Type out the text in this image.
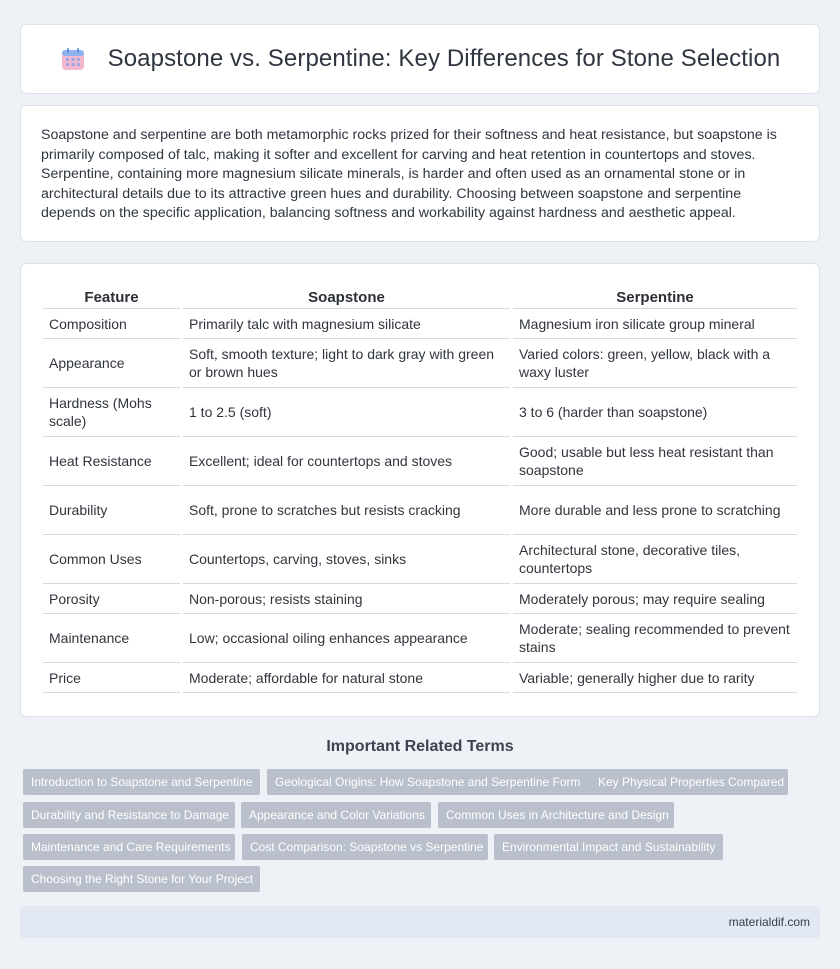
Soapstone vs. Serpentine: Key Differences for Stone Selection

Soapstone and serpentine are both metamorphic rocks prized for their softness and heat resistance, but soapstone is primarily composed of talc, making it softer and excellent for carving and heat retention in countertops and stoves. Serpentine, containing more magnesium silicate minerals, is harder and often used as an ornamental stone or in architectural details due to its attractive green hues and durability. Choosing between soapstone and serpentine depends on the specific application, balancing softness and workability against hardness and aesthetic appeal.

Feature	Soapstone	Serpentine
Composition	Primarily talc with magnesium silicate	Magnesium iron silicate group mineral
Appearance	Soft, smooth texture; light to dark gray with green or brown hues	Varied colors: green, yellow, black with a waxy luster
Hardness (Mohs scale)	1 to 2.5 (soft)	3 to 6 (harder than soapstone)
Heat Resistance	Excellent; ideal for countertops and stoves	Good; usable but less heat resistant than soapstone
Durability	Soft, prone to scratches but resists cracking	More durable and less prone to scratching
Common Uses	Countertops, carving, stoves, sinks	Architectural stone, decorative tiles, countertops
Porosity	Non-porous; resists staining	Moderately porous; may require sealing
Maintenance	Low; occasional oiling enhances appearance	Moderate; sealing recommended to prevent stains
Price	Moderate; affordable for natural stone	Variable; generally higher due to rarity
Important Related Terms
Introduction to Soapstone and Serpentine	Geological Origins: How Soapstone and Serpentine Form	Key Physical Properties Compared
Durability and Resistance to Damage	Appearance and Color Variations	Common Uses in Architecture and Design
Maintenance and Care Requirements	Cost Comparison: Soapstone vs Serpentine	Environmental Impact and Sustainability
Choosing the Right Stone for Your Project
materialdif.com
